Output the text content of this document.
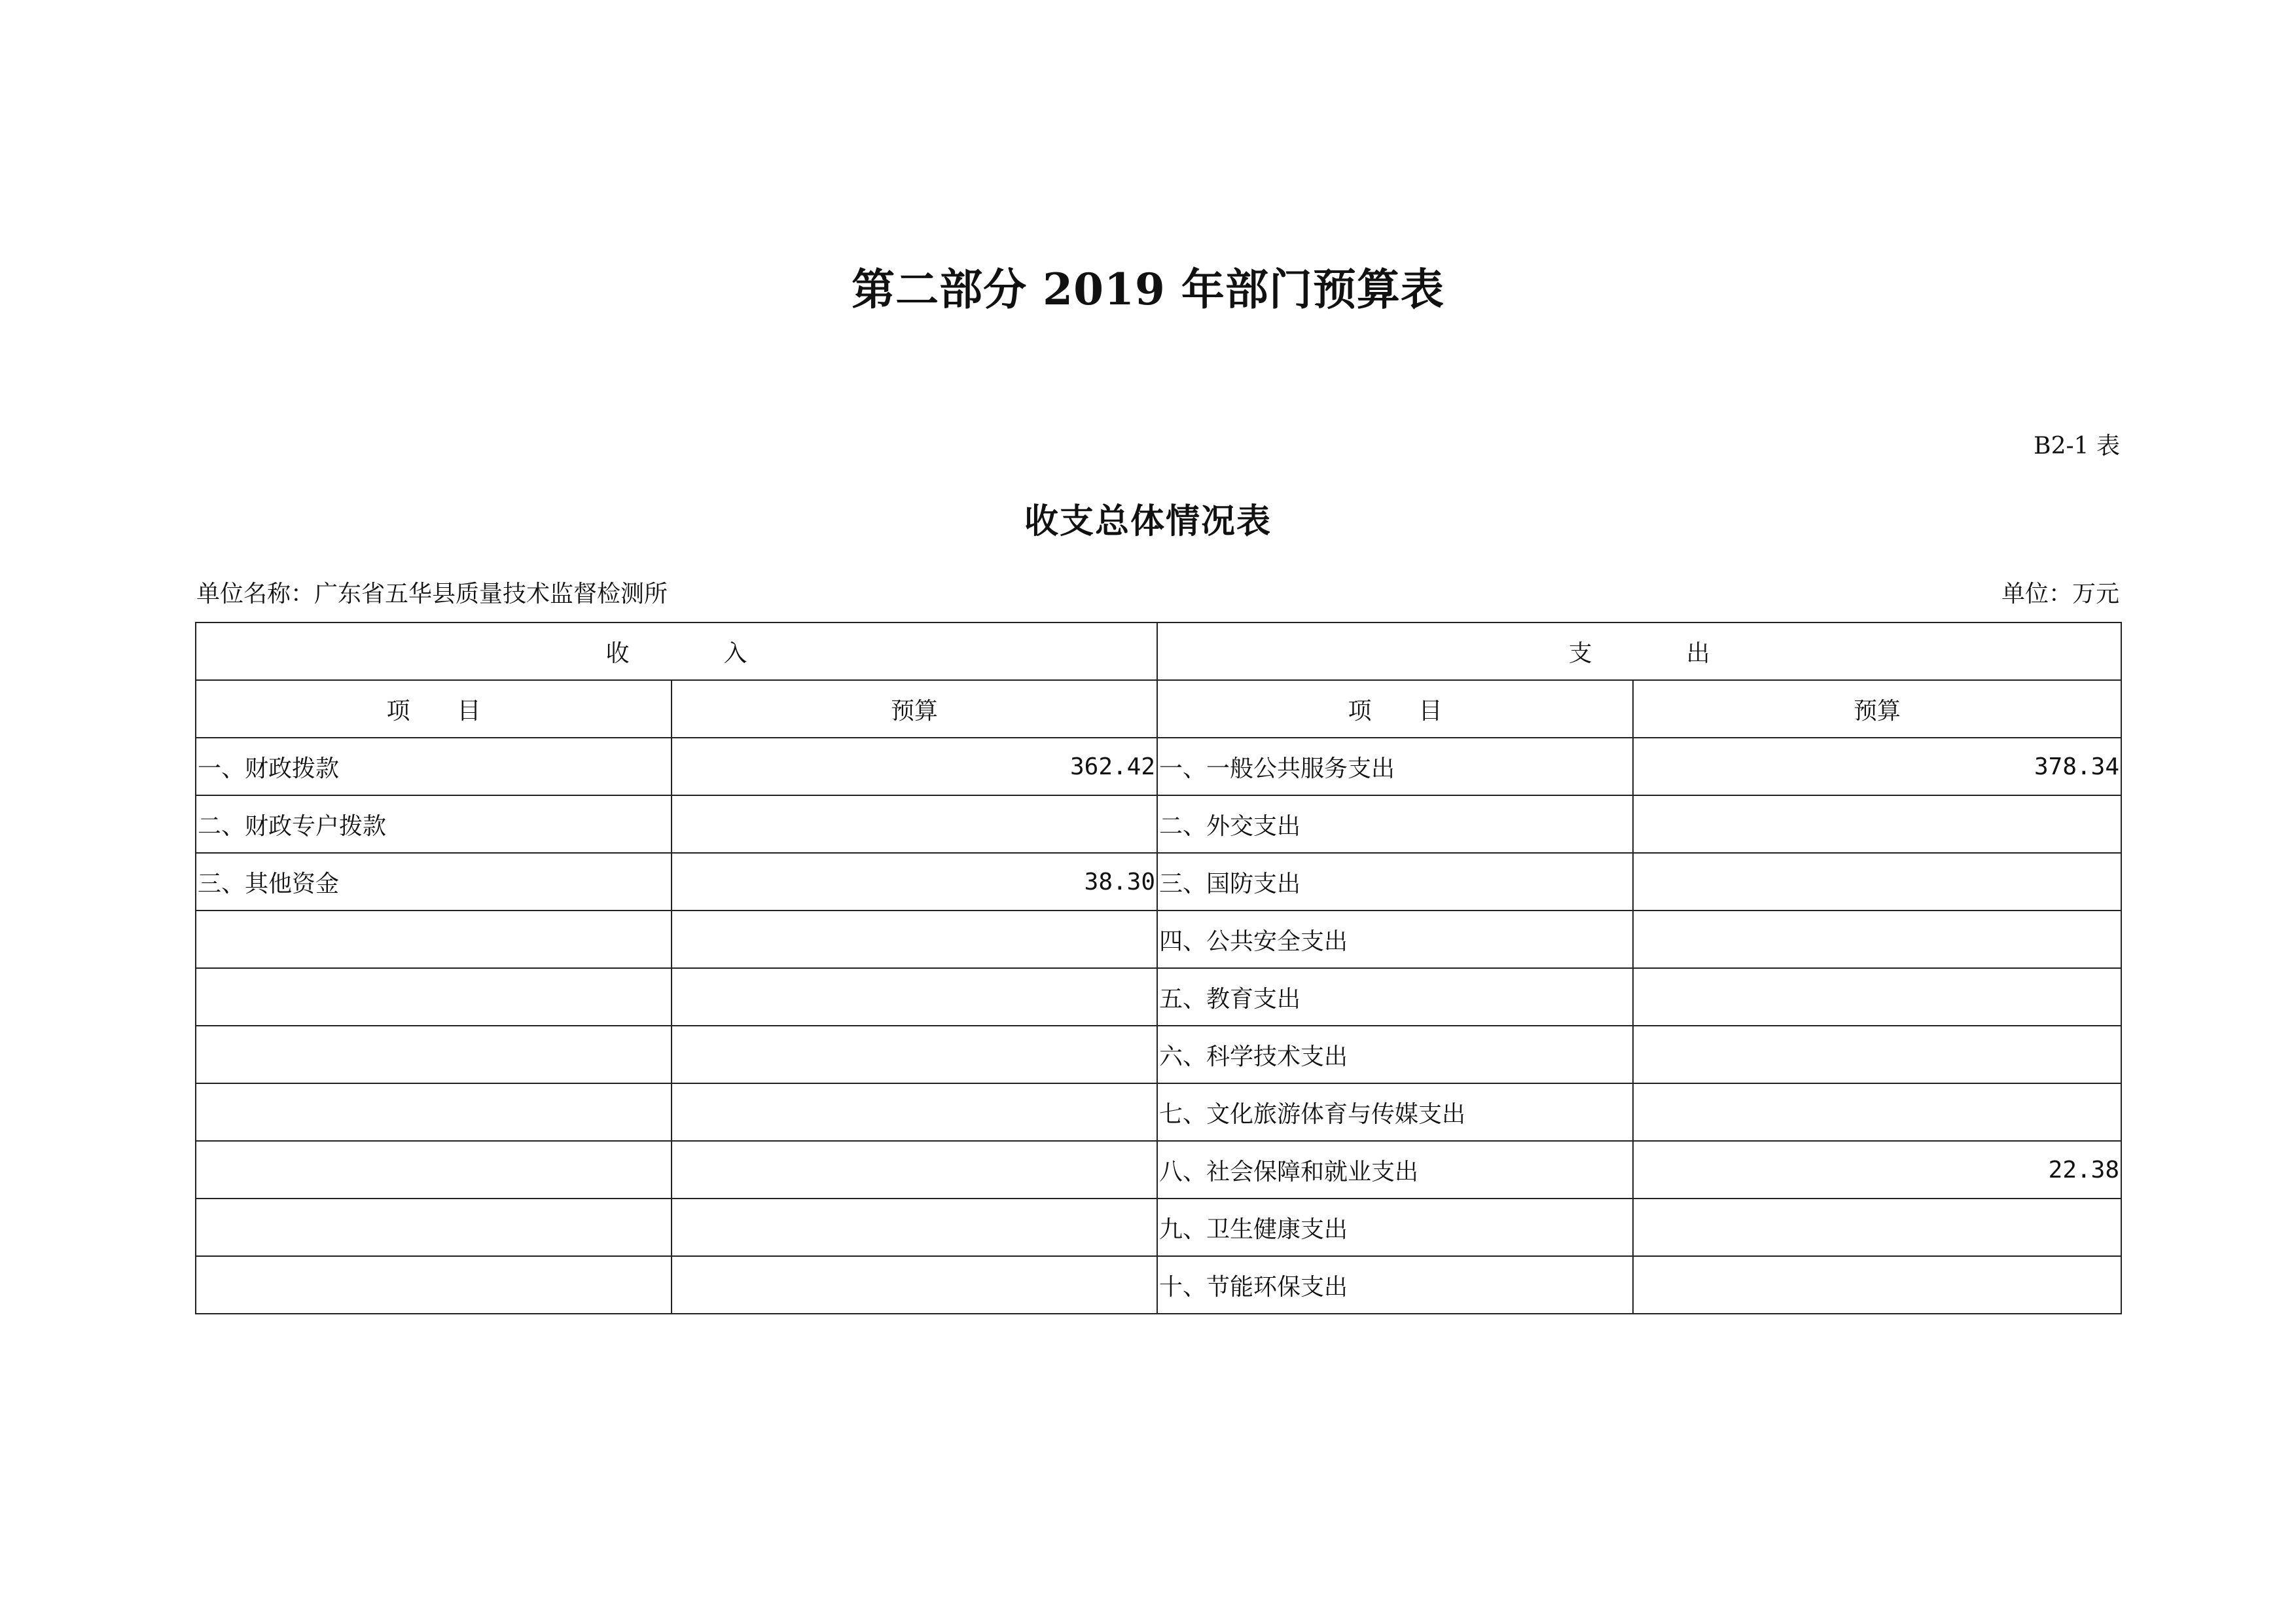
第二部分 2019 年部门预算表
B2-1 表
收支总体情况表
单位名称：广东省五华县质量技术监督检测所	单位：万元
收　　　　入		支　　　　出	
项　　目	预算	项　　目	预算
一、财政拨款	362.42	一、一般公共服务支出	378.34
二、财政专户拨款		二、外交支出	
三、其他资金	38.30	三、国防支出	
		四、公共安全支出	
		五、教育支出	
		六、科学技术支出	
		七、文化旅游体育与传媒支出	
		八、社会保障和就业支出	22.38
		九、卫生健康支出	
		十、节能环保支出	
